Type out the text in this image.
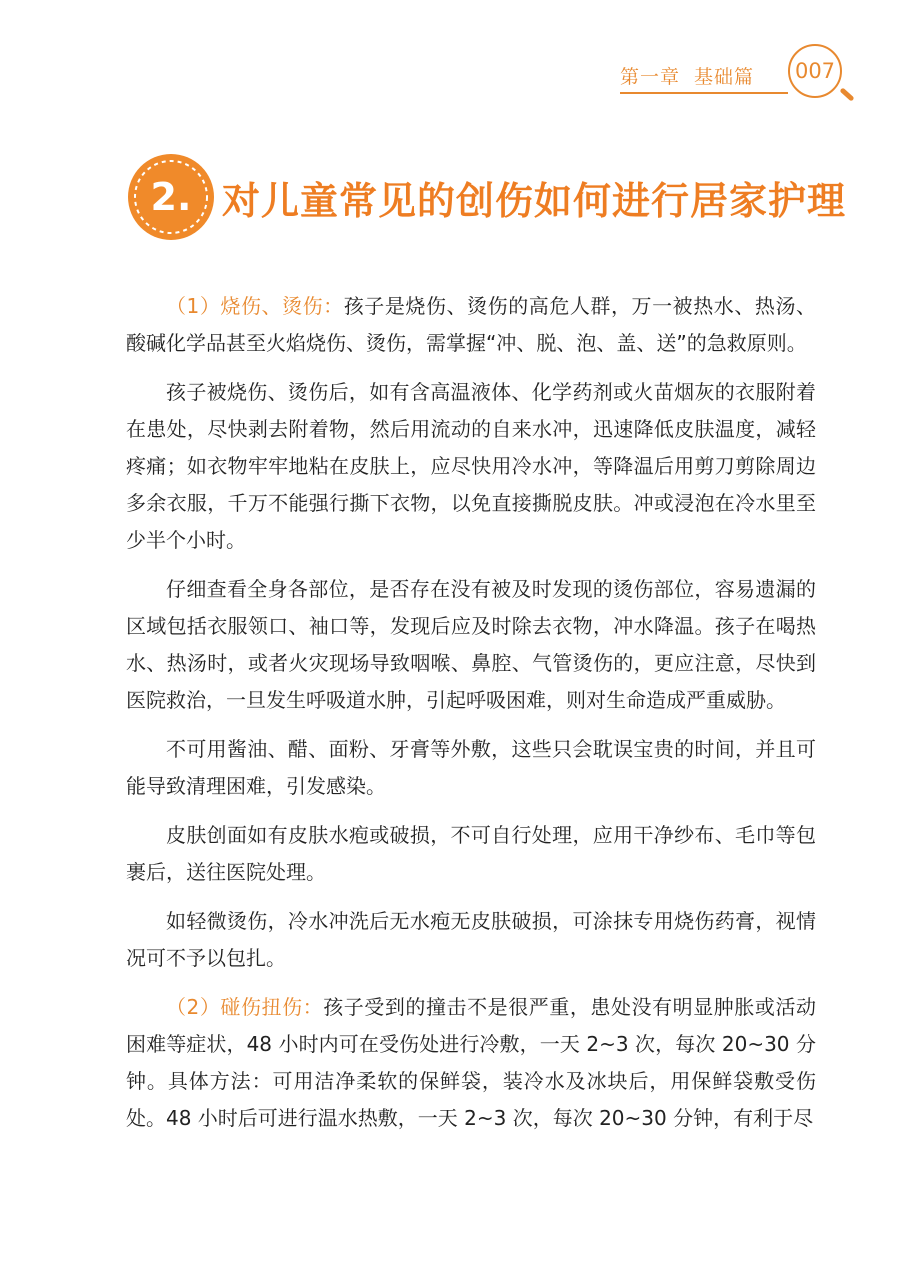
第一章 基础篇	007
2. 对儿童常见的创伤如何进行居家护理

（1）烧伤、烫伤：孩子是烧伤、烫伤的高危人群，万一被热水、热汤、酸碱化学品甚至火焰烧伤、烫伤，需掌握“冲、脱、泡、盖、送”的急救原则。

孩子被烧伤、烫伤后，如有含高温液体、化学药剂或火苗烟灰的衣服附着在患处，尽快剥去附着物，然后用流动的自来水冲，迅速降低皮肤温度，减轻疼痛；如衣物牢牢地粘在皮肤上，应尽快用冷水冲，等降温后用剪刀剪除周边多余衣服，千万不能强行撕下衣物，以免直接撕脱皮肤。冲或浸泡在冷水里至少半个小时。

仔细查看全身各部位，是否存在没有被及时发现的烫伤部位，容易遗漏的区域包括衣服领口、袖口等，发现后应及时除去衣物，冲水降温。孩子在喝热水、热汤时，或者火灾现场导致咽喉、鼻腔、气管烫伤的，更应注意，尽快到医院救治，一旦发生呼吸道水肿，引起呼吸困难，则对生命造成严重威胁。

不可用酱油、醋、面粉、牙膏等外敷，这些只会耽误宝贵的时间，并且可能导致清理困难，引发感染。

皮肤创面如有皮肤水疱或破损，不可自行处理，应用干净纱布、毛巾等包裹后，送往医院处理。

如轻微烫伤，冷水冲洗后无水疱无皮肤破损，可涂抹专用烧伤药膏，视情况可不予以包扎。

（2）碰伤扭伤：孩子受到的撞击不是很严重，患处没有明显肿胀或活动困难等症状，48 小时内可在受伤处进行冷敷，一天 2~3 次，每次 20~30 分钟。具体方法：可用洁净柔软的保鲜袋，装冷水及冰块后，用保鲜袋敷受伤处。48 小时后可进行温水热敷，一天 2~3 次，每次 20~30 分钟，有利于尽
